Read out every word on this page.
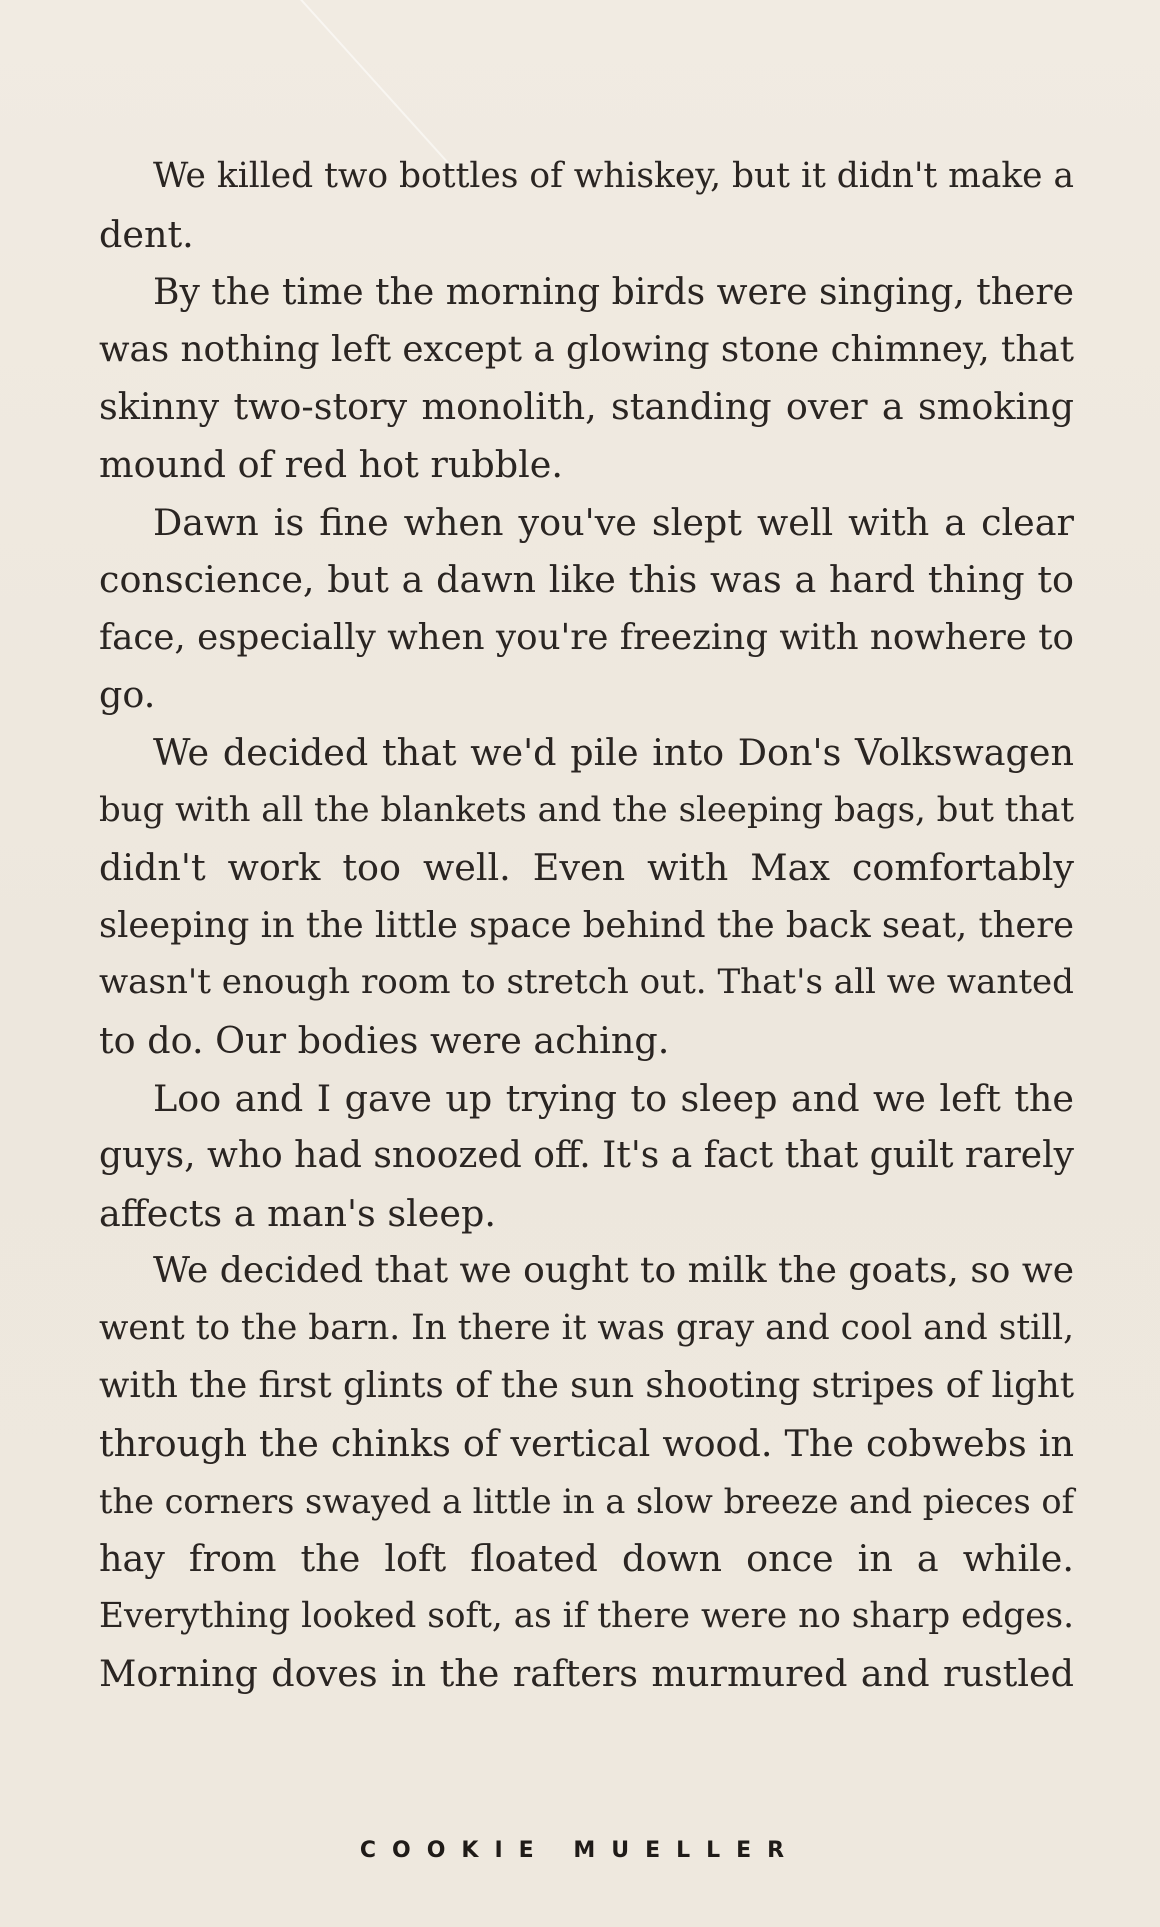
We killed two bottles of whiskey, but it didn't make a
dent.
By the time the morning birds were singing, there
was nothing left except a glowing stone chimney, that
skinny two-story monolith, standing over a smoking
mound of red hot rubble.
Dawn is fine when you've slept well with a clear
conscience, but a dawn like this was a hard thing to
face, especially when you're freezing with nowhere to
go.
We decided that we'd pile into Don's Volkswagen
bug with all the blankets and the sleeping bags, but that
didn't work too well. Even with Max comfortably
sleeping in the little space behind the back seat, there
wasn't enough room to stretch out. That's all we wanted
to do. Our bodies were aching.
Loo and I gave up trying to sleep and we left the
guys, who had snoozed off. It's a fact that guilt rarely
affects a man's sleep.
We decided that we ought to milk the goats, so we
went to the barn. In there it was gray and cool and still,
with the first glints of the sun shooting stripes of light
through the chinks of vertical wood. The cobwebs in
the corners swayed a little in a slow breeze and pieces of
hay from the loft floated down once in a while.
Everything looked soft, as if there were no sharp edges.
Morning doves in the rafters murmured and rustled
COOKIE MUELLER
